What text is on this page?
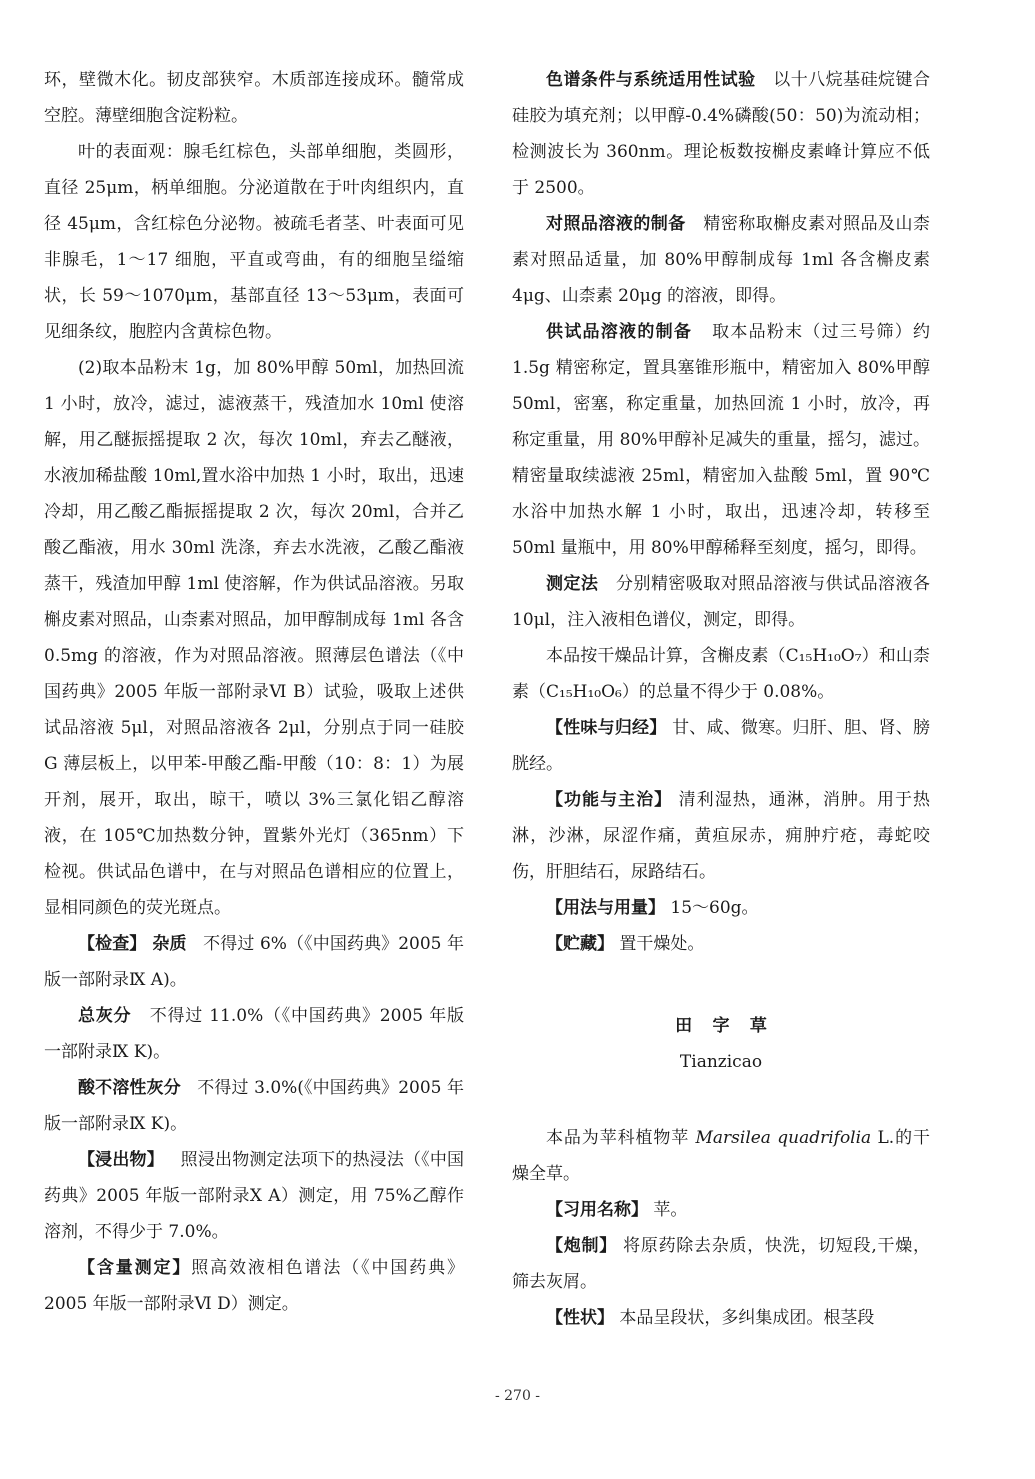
环，壁微木化。韧皮部狭窄。木质部连接成环。髓常成空腔。薄壁细胞含淀粉粒。

叶的表面观：腺毛红棕色，头部单细胞，类圆形，直径 25μm，柄单细胞。分泌道散在于叶肉组织内，直径 45μm，含红棕色分泌物。被疏毛者茎、叶表面可见非腺毛，1～17 细胞，平直或弯曲，有的细胞呈缢缩状，长 59～1070μm，基部直径 13～53μm，表面可见细条纹，胞腔内含黄棕色物。

(2)取本品粉末 1g，加 80%甲醇 50ml，加热回流 1 小时，放冷，滤过，滤液蒸干，残渣加水 10ml 使溶解，用乙醚振摇提取 2 次，每次 10ml，弃去乙醚液，水液加稀盐酸 10ml,置水浴中加热 1 小时，取出，迅速冷却，用乙酸乙酯振摇提取 2 次，每次 20ml，合并乙酸乙酯液，用水 30ml 洗涤，弃去水洗液，乙酸乙酯液蒸干，残渣加甲醇 1ml 使溶解，作为供试品溶液。另取槲皮素对照品，山柰素对照品，加甲醇制成每 1ml 各含 0.5mg 的溶液，作为对照品溶液。照薄层色谱法（《中国药典》2005 年版一部附录Ⅵ B）试验，吸取上述供试品溶液 5μl，对照品溶液各 2μl，分别点于同一硅胶 G 薄层板上，以甲苯-甲酸乙酯-甲酸（10：8：1）为展开剂，展开，取出，晾干，喷以 3%三氯化铝乙醇溶液，在 105℃加热数分钟，置紫外光灯（365nm）下检视。供试品色谱中，在与对照品色谱相应的位置上，显相同颜色的荧光斑点。

【检查】 杂质 不得过 6%（《中国药典》2005 年版一部附录Ⅸ A)。

总灰分 不得过 11.0%（《中国药典》2005 年版一部附录Ⅸ K)。

酸不溶性灰分 不得过 3.0%(《中国药典》2005 年版一部附录Ⅸ K)。

【浸出物】 照浸出物测定法项下的热浸法（《中国药典》2005 年版一部附录Ⅹ A）测定，用 75%乙醇作溶剂，不得少于 7.0%。

【含量测定】照高效液相色谱法（《中国药典》2005 年版一部附录Ⅵ D）测定。

色谱条件与系统适用性试验 以十八烷基硅烷键合硅胶为填充剂；以甲醇-0.4%磷酸(50：50)为流动相；检测波长为 360nm。理论板数按槲皮素峰计算应不低于 2500。

对照品溶液的制备 精密称取槲皮素对照品及山柰素对照品适量，加 80%甲醇制成每 1ml 各含槲皮素 4μg、山柰素 20μg 的溶液，即得。

供试品溶液的制备 取本品粉末（过三号筛）约 1.5g 精密称定，置具塞锥形瓶中，精密加入 80%甲醇 50ml，密塞，称定重量，加热回流 1 小时，放冷，再称定重量，用 80%甲醇补足减失的重量，摇匀，滤过。精密量取续滤液 25ml，精密加入盐酸 5ml，置 90℃水浴中加热水解 1 小时，取出，迅速冷却，转移至 50ml 量瓶中，用 80%甲醇稀释至刻度，摇匀，即得。

测定法 分别精密吸取对照品溶液与供试品溶液各 10μl，注入液相色谱仪，测定，即得。

本品按干燥品计算，含槲皮素（C₁₅H₁₀O₇）和山柰素（C₁₅H₁₀O₆）的总量不得少于 0.08%。

【性味与归经】 甘、咸、微寒。归肝、胆、肾、膀胱经。

【功能与主治】 清利湿热，通淋，消肿。用于热淋，沙淋，尿涩作痛，黄疸尿赤，痈肿疔疮，毒蛇咬伤，肝胆结石，尿路结石。

【用法与用量】 15～60g。

【贮藏】 置干燥处。

田字草

Tianzicao

本品为苹科植物苹 Marsilea quadrifolia L.的干燥全草。

【习用名称】 苹。

【炮制】 将原药除去杂质，快洗，切短段,干燥，筛去灰屑。

【性状】 本品呈段状，多纠集成团。根茎段

- 270 -
